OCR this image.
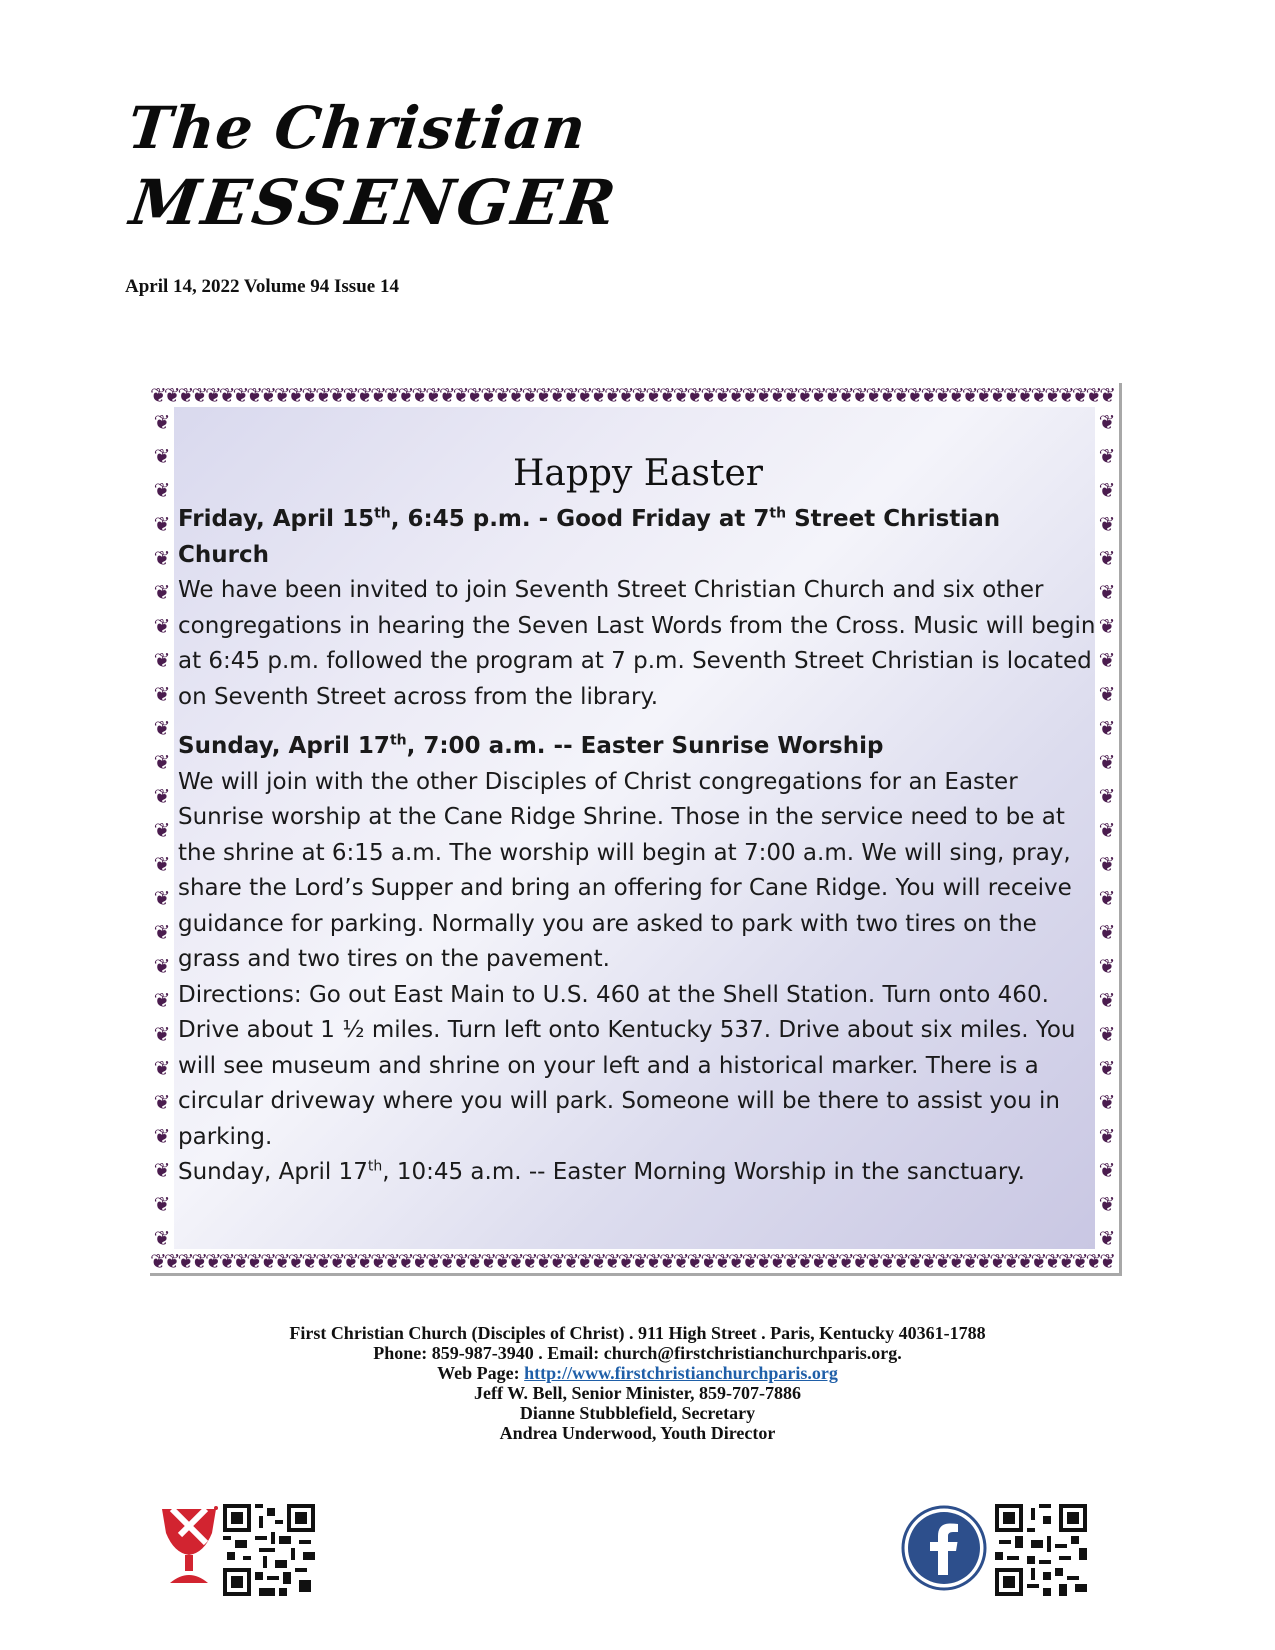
The Christian
MESSENGER
April 14, 2022 Volume 94 Issue 14
❦❦❦❦❦❦❦❦❦❦❦❦❦❦❦❦❦❦❦❦❦❦❦❦❦❦❦❦❦❦❦❦❦❦❦❦❦❦❦❦❦❦❦❦❦❦❦❦❦❦❦❦❦❦❦❦❦❦❦❦❦❦❦❦❦❦❦❦❦❦
❦❦❦❦❦❦❦❦❦❦❦❦❦❦❦❦❦❦❦❦❦❦❦❦❦❦❦❦❦❦❦❦❦❦❦❦❦❦❦❦❦❦❦❦❦❦❦❦❦❦❦❦❦❦❦❦❦❦❦❦❦❦❦❦❦❦❦❦❦❦
❦
❦
❦
❦
❦
❦
❦
❦
❦
❦
❦
❦
❦
❦
❦
❦
❦
❦
❦
❦
❦
❦
❦
❦
❦

❦
❦
❦
❦
❦
❦
❦
❦
❦
❦
❦
❦
❦
❦
❦
❦
❦
❦
❦
❦
❦
❦
❦
❦
❦

Happy Easter

Friday, April 15th, 6:45 p.m. - Good Friday at 7th Street Christian Church

We have been invited to join Seventh Street Christian Church and six other congregations in hearing the Seven Last Words from the Cross. Music will begin at 6:45 p.m. followed the program at 7 p.m. Seventh Street Christian is located on Seventh Street across from the library.

Sunday, April 17th, 7:00 a.m. -- Easter Sunrise Worship

We will join with the other Disciples of Christ congregations for an Easter Sunrise worship at the Cane Ridge Shrine. Those in the service need to be at the shrine at 6:15 a.m. The worship will begin at 7:00 a.m. We will sing, pray, share the Lord’s Supper and bring an offering for Cane Ridge. You will receive guidance for parking. Normally you are asked to park with two tires on the grass and two tires on the pavement.

Directions: Go out East Main to U.S. 460 at the Shell Station. Turn onto 460. Drive about 1 ½ miles. Turn left onto Kentucky 537. Drive about six miles. You will see museum and shrine on your left and a historical marker. There is a circular driveway where you will park. Someone will be there to assist you in parking.

Sunday, April 17th, 10:45 a.m. -- Easter Morning Worship in the sanctuary.

First Christian Church (Disciples of Christ) . 911 High Street . Paris, Kentucky 40361-1788
Phone: 859-987-3940 . Email: church@firstchristianchurchparis.org.
Web Page: http://www.firstchristianchurchparis.org
Jeff W. Bell, Senior Minister, 859-707-7886
Dianne Stubblefield, Secretary
Andrea Underwood, Youth Director
